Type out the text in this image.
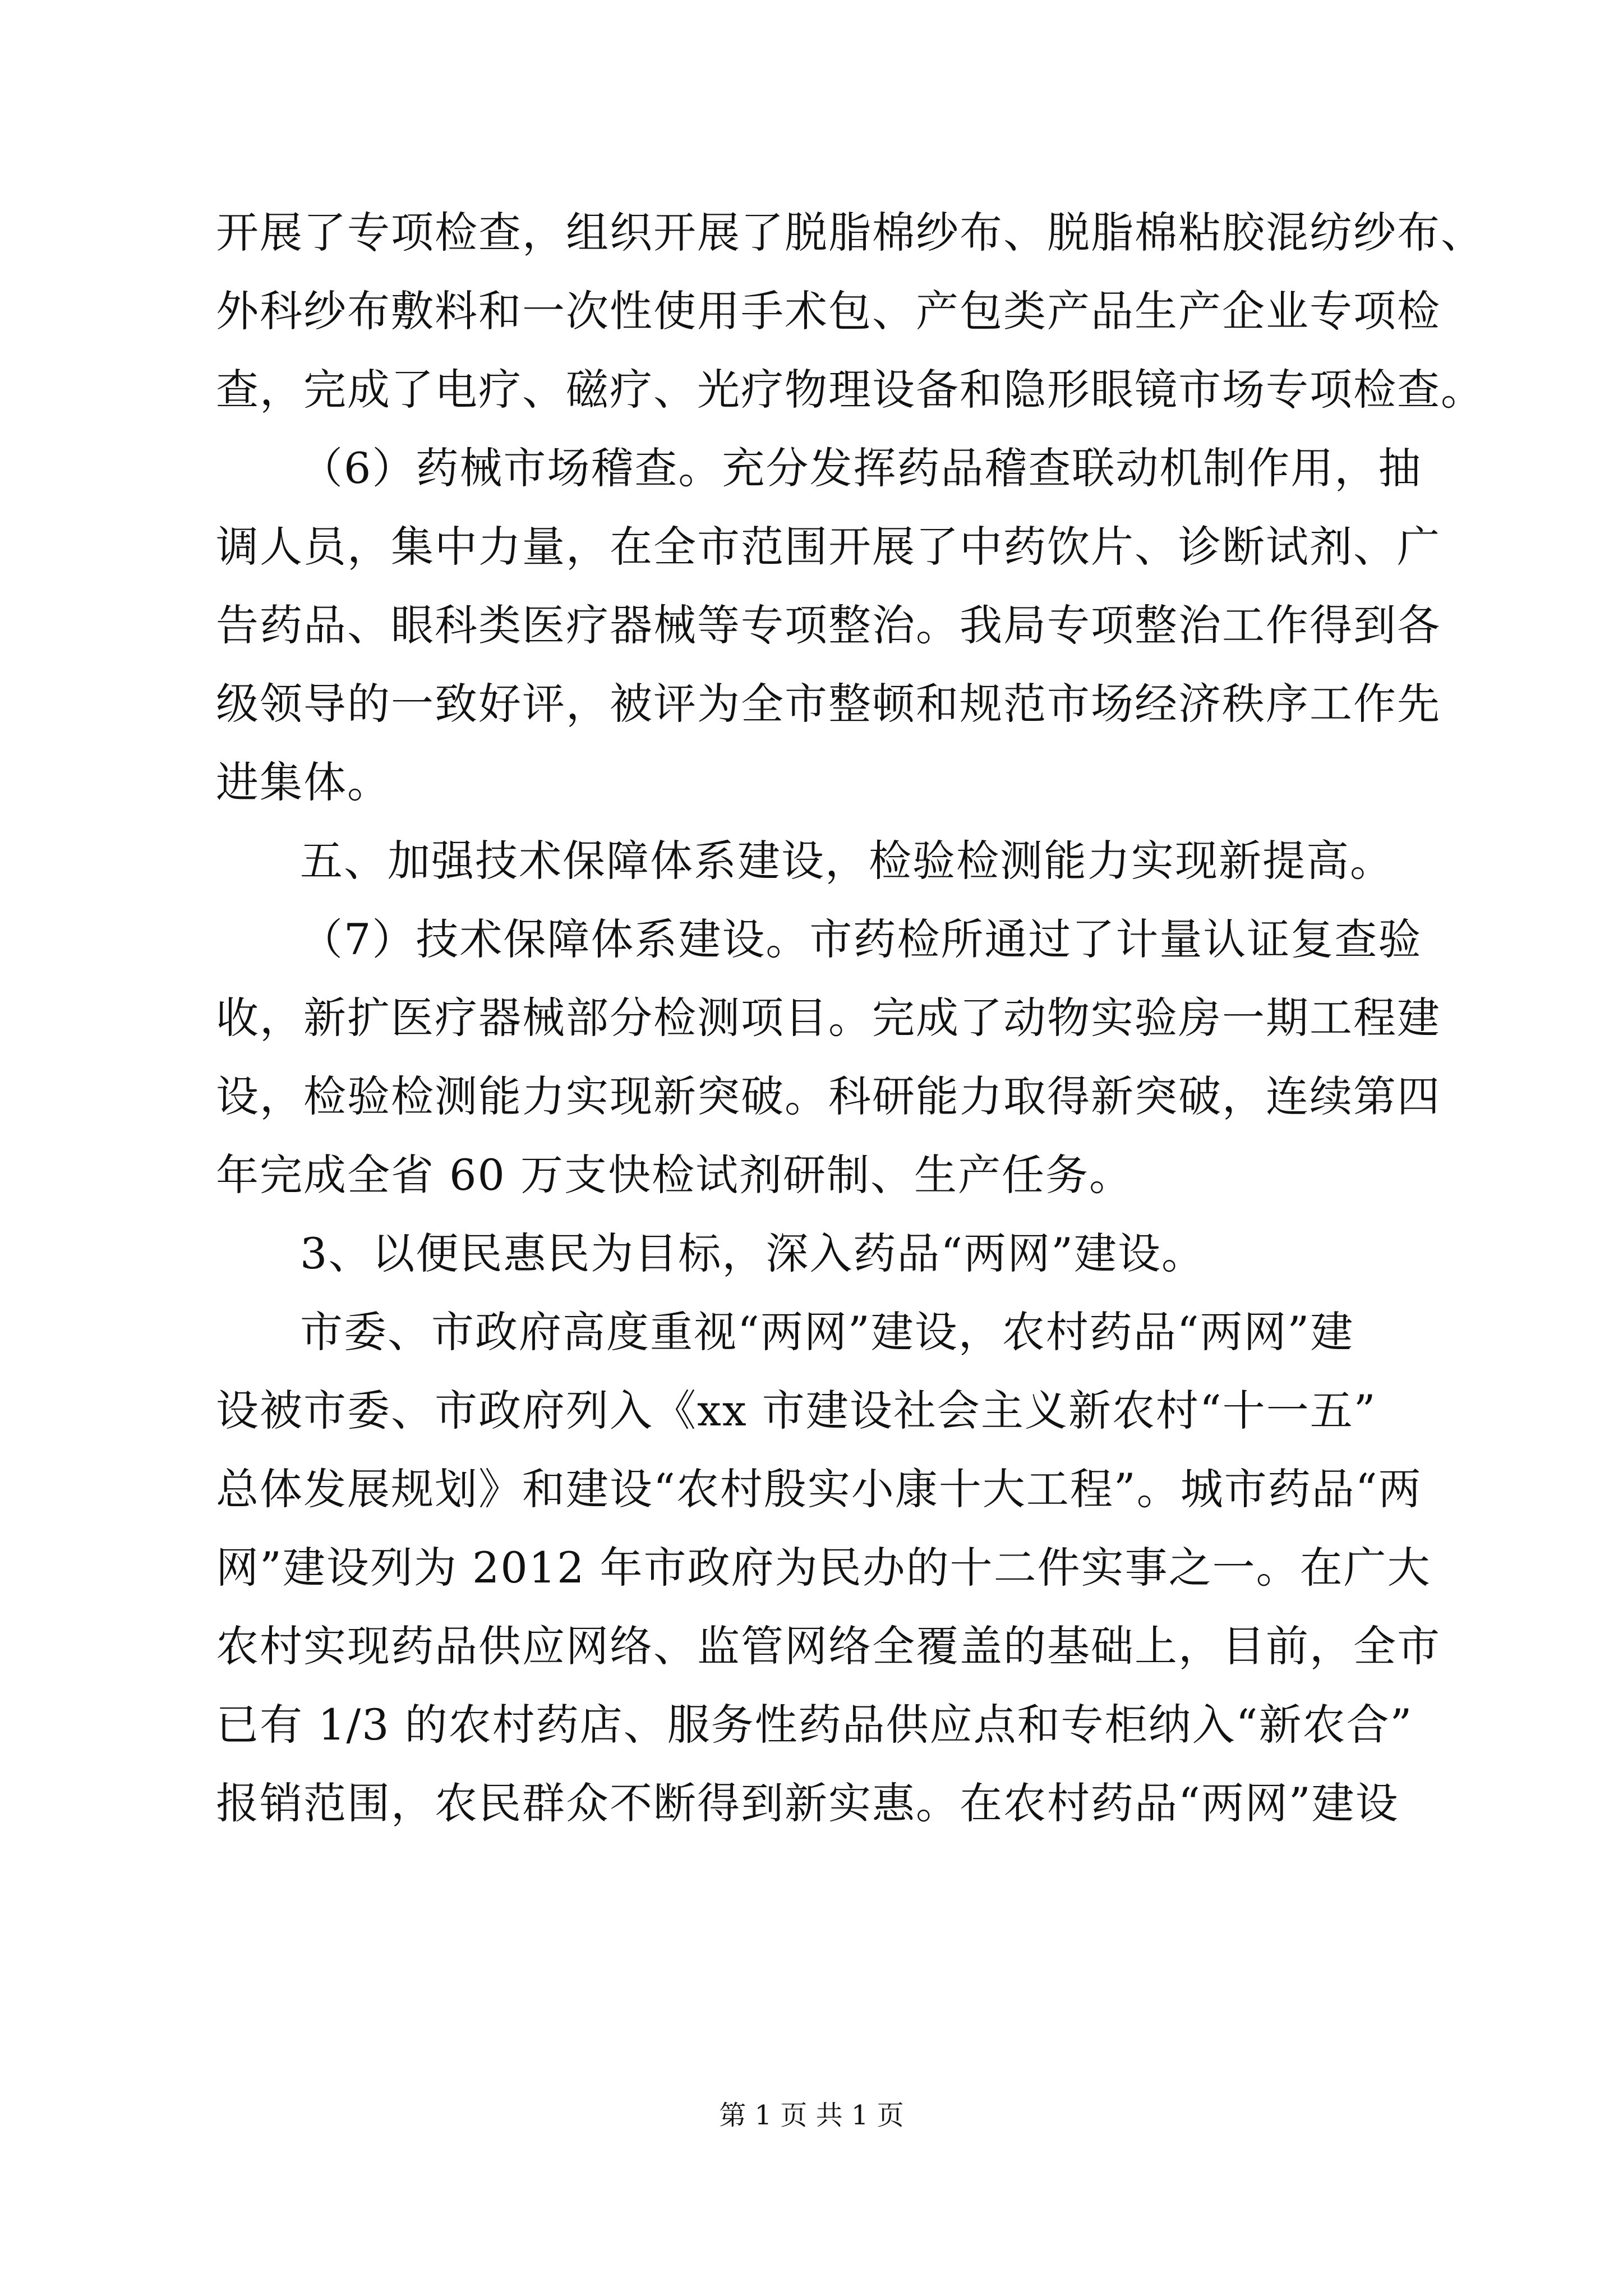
开展了专项检查，组织开展了脱脂棉纱布、脱脂棉粘胶混纺纱布、
外科纱布敷料和一次性使用手术包、产包类产品生产企业专项检
查，完成了电疗、磁疗、光疗物理设备和隐形眼镜市场专项检查。
（6）药械市场稽查。充分发挥药品稽查联动机制作用，抽
调人员，集中力量，在全市范围开展了中药饮片、诊断试剂、广
告药品、眼科类医疗器械等专项整治。我局专项整治工作得到各
级领导的一致好评，被评为全市整顿和规范市场经济秩序工作先
进集体。
五、加强技术保障体系建设，检验检测能力实现新提高。
（7）技术保障体系建设。市药检所通过了计量认证复查验
收，新扩医疗器械部分检测项目。完成了动物实验房一期工程建
设，检验检测能力实现新突破。科研能力取得新突破，连续第四
年完成全省 60 万支快检试剂研制、生产任务。
3、以便民惠民为目标，深入药品“两网”建设。
市委、市政府高度重视“两网”建设，农村药品“两网”建
设被市委、市政府列入《xx 市建设社会主义新农村“十一五”
总体发展规划》和建设“农村殷实小康十大工程”。城市药品“两
网”建设列为 2012 年市政府为民办的十二件实事之一。在广大
农村实现药品供应网络、监管网络全覆盖的基础上，目前，全市
已有 1/3 的农村药店、服务性药品供应点和专柜纳入“新农合”
报销范围，农民群众不断得到新实惠。在农村药品“两网”建设
第 1 页 共 1 页
